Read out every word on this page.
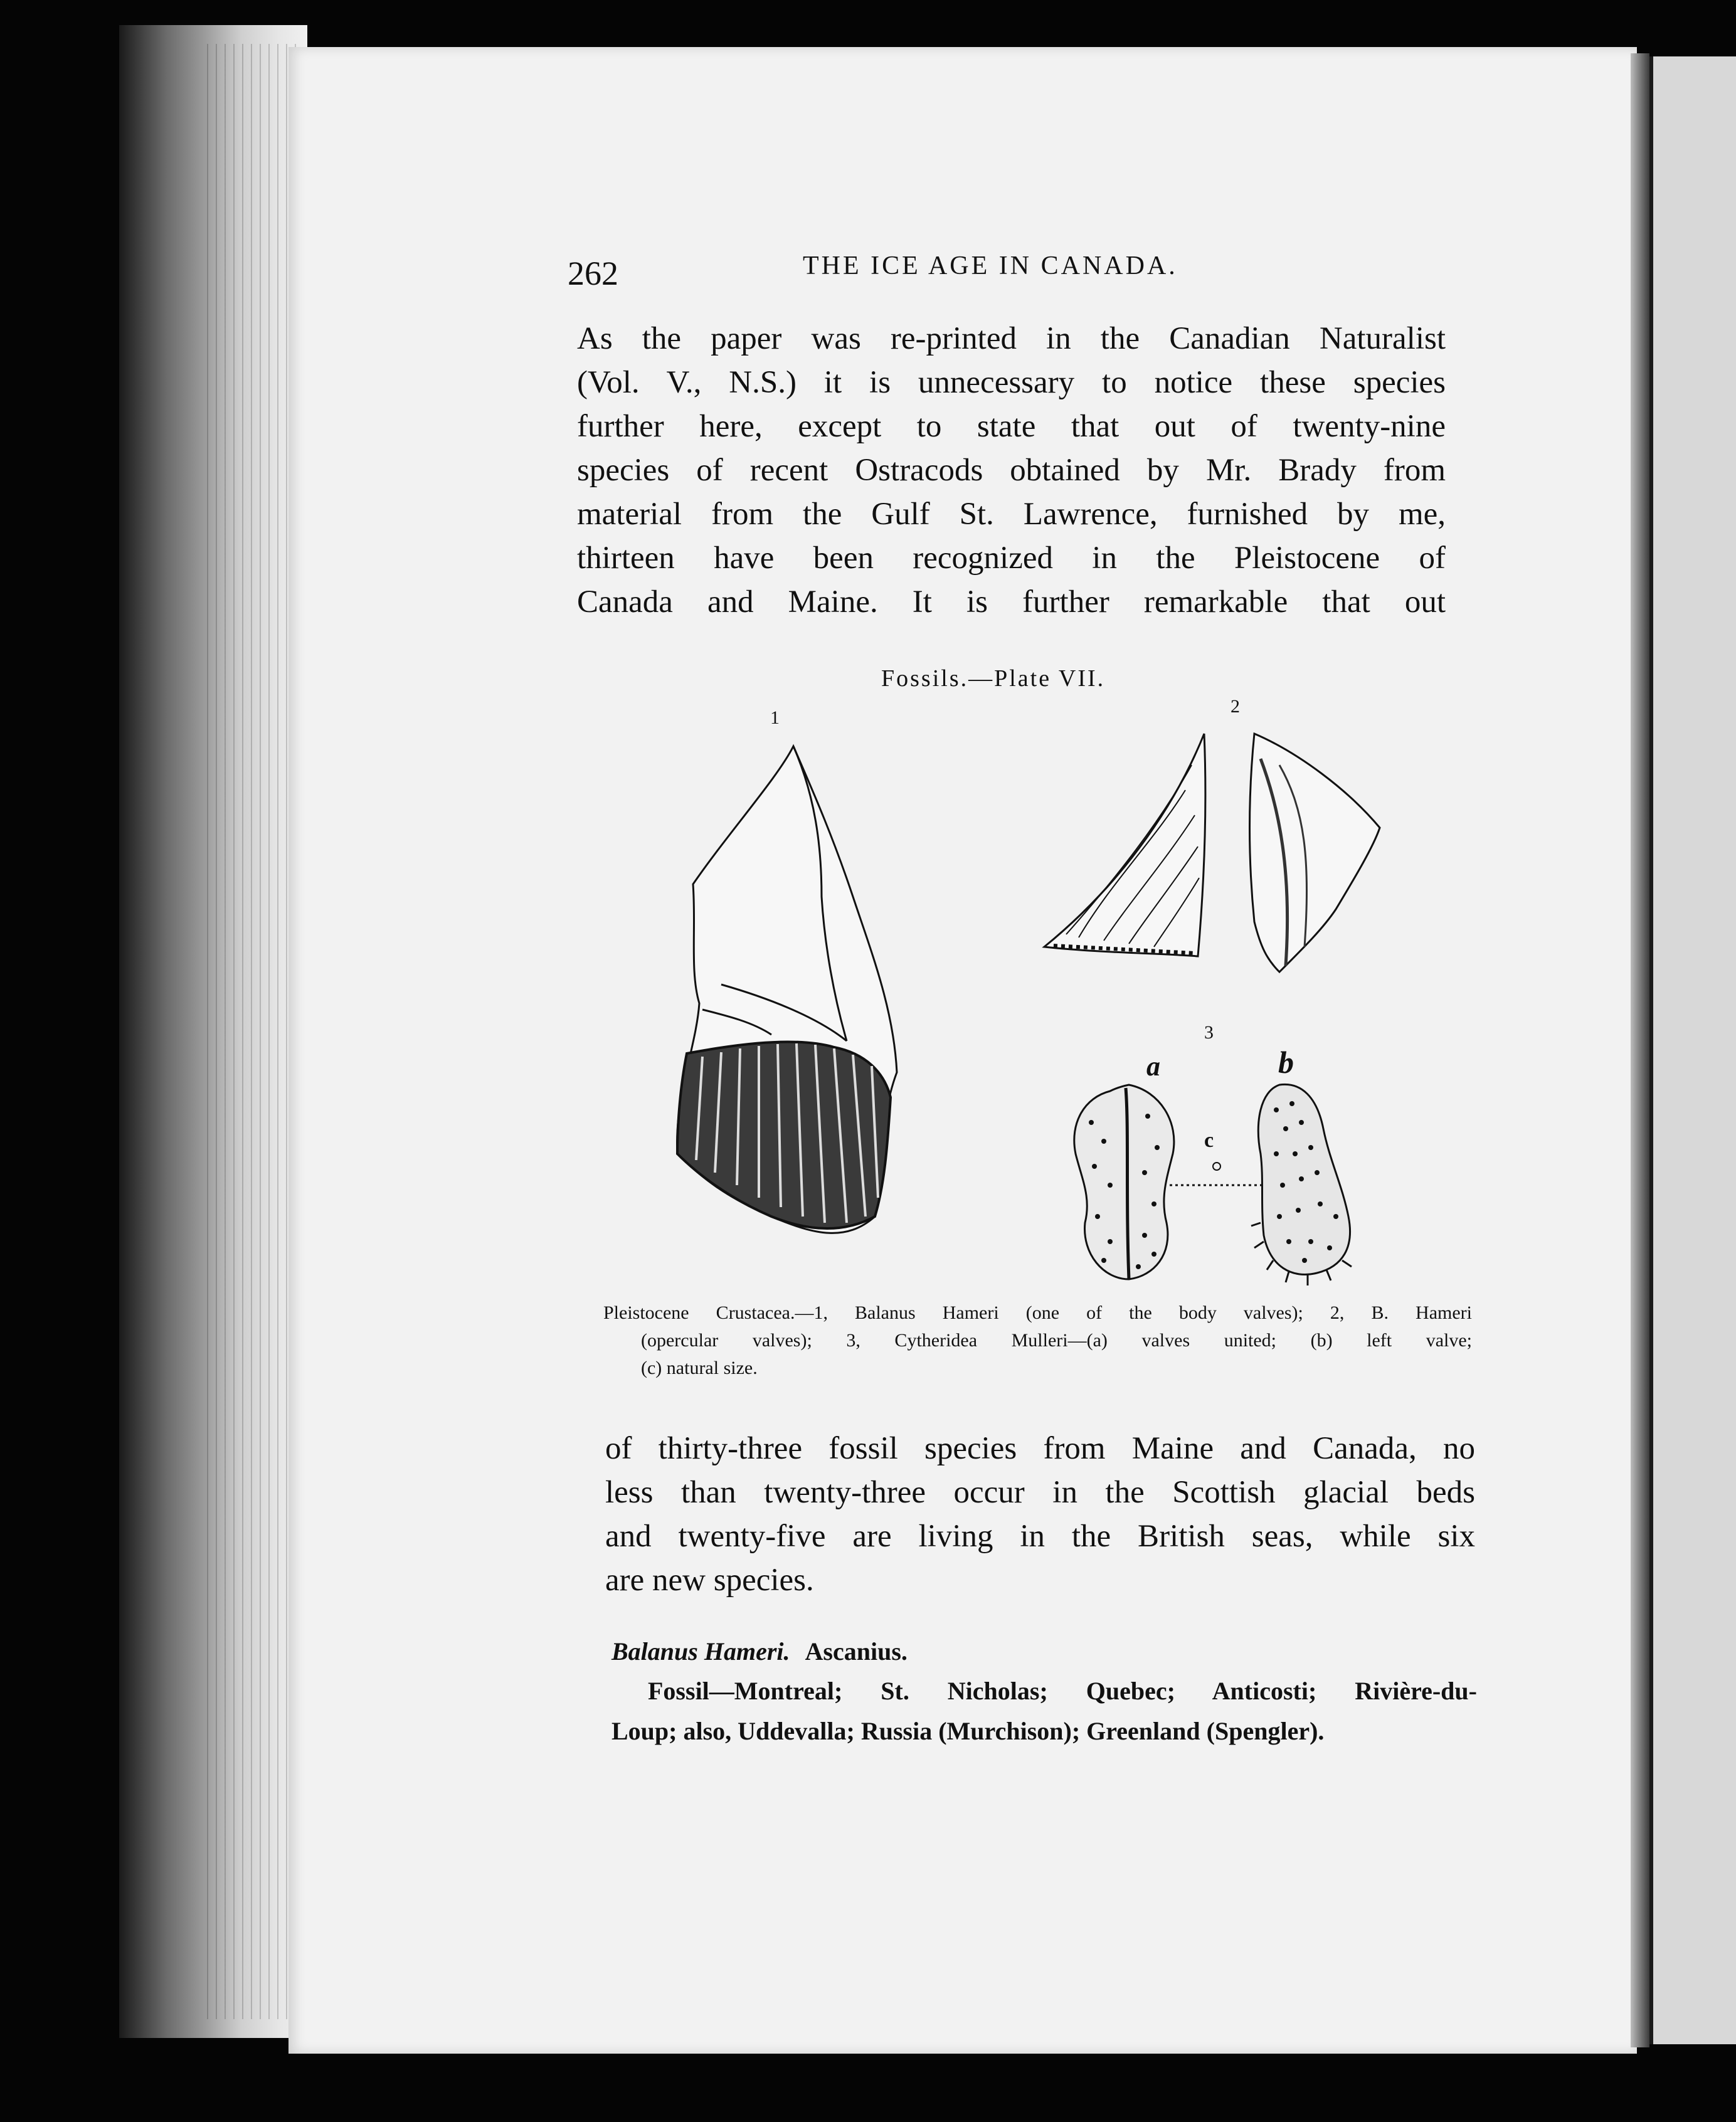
262	THE ICE AGE IN CANADA.
As the paper was re-printed in the Canadian Naturalist
(Vol. V., N.S.) it is unnecessary to notice these species
further here, except to state that out of twenty-nine
species of recent Ostracods obtained by Mr. Brady from
material from the Gulf St. Lawrence, furnished by me,
thirteen have been recognized in the Pleistocene of
Canada and Maine. It is further remarkable that out
Fossils.—Plate VII.
1
2
3
a	b
c
Pleistocene Crustacea.—1, Balanus Hameri (one of the body valves); 2, B. Hameri
(opercular valves); 3, Cytheridea Mulleri—(a) valves united; (b) left valve;
(c) natural size.
of thirty-three fossil species from Maine and Canada, no
less than twenty-three occur in the Scottish glacial beds
and twenty-five are living in the British seas, while six
are new species.
Balanus Hameri. Ascanius.
Fossil—Montreal; St. Nicholas; Quebec; Anticosti; Rivière-du-
Loup; also, Uddevalla; Russia (Murchison); Greenland (Spengler).
